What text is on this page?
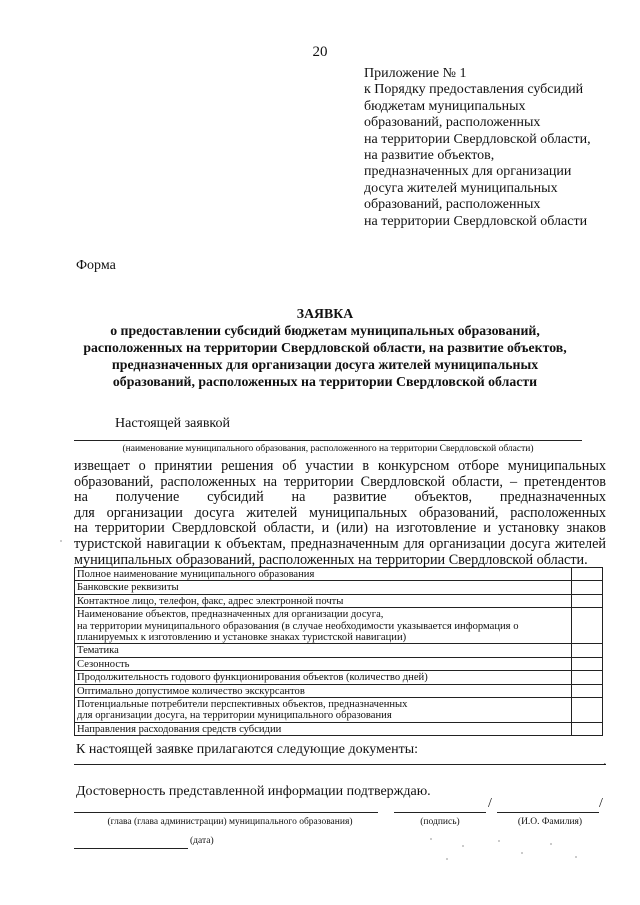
20
Приложение № 1
к Порядку предоставления субсидий
бюджетам муниципальных
образований, расположенных
на территории Свердловской области,
на развитие объектов,
предназначенных для организации
досуга жителей муниципальных
образований, расположенных
на территории Свердловской области
Форма
ЗАЯВКА
о предоставлении субсидий бюджетам муниципальных образований,
расположенных на территории Свердловской области, на развитие объектов,
предназначенных для организации досуга жителей муниципальных
образований, расположенных на территории Свердловской области
Настоящей заявкой
(наименование муниципального образования, расположенного на территории Свердловской области)
извещает о принятии решения об участии в конкурсном отборе муниципальных
образований, расположенных на территории Свердловской области, – претендентов
на получение субсидий на развитие объектов, предназначенных
для организации досуга жителей муниципальных образований, расположенных
на территории Свердловской области, и (или) на изготовление и установку знаков
туристской навигации к объектам, предназначенным для организации досуга жителей
муниципальных образований, расположенных на территории Свердловской области.
Полное наименование муниципального образования	

Банковские реквизиты	

Контактное лицо, телефон, факс, адрес электронной почты	

Наименование объектов, предназначенных для организации досуга,
на территории муниципального образования (в случае необходимости указывается информация о
планируемых к изготовлению и установке знаках туристской навигации)	

Тематика	

Сезонность	

Продолжительность годового функционирования объектов (количество дней)	

Оптимально допустимое количество экскурсантов	

Потенциальные потребители перспективных объектов, предназначенных
для организации досуга, на территории муниципального образования	

Направления расходования средств субсидии	

К настоящей заявке прилагаются следующие документы:
.
Достоверность представленной информации подтверждаю.
/	/
(глава (глава администрации) муниципального образования)	(подпись)	(И.О. Фамилия)
(дата)
